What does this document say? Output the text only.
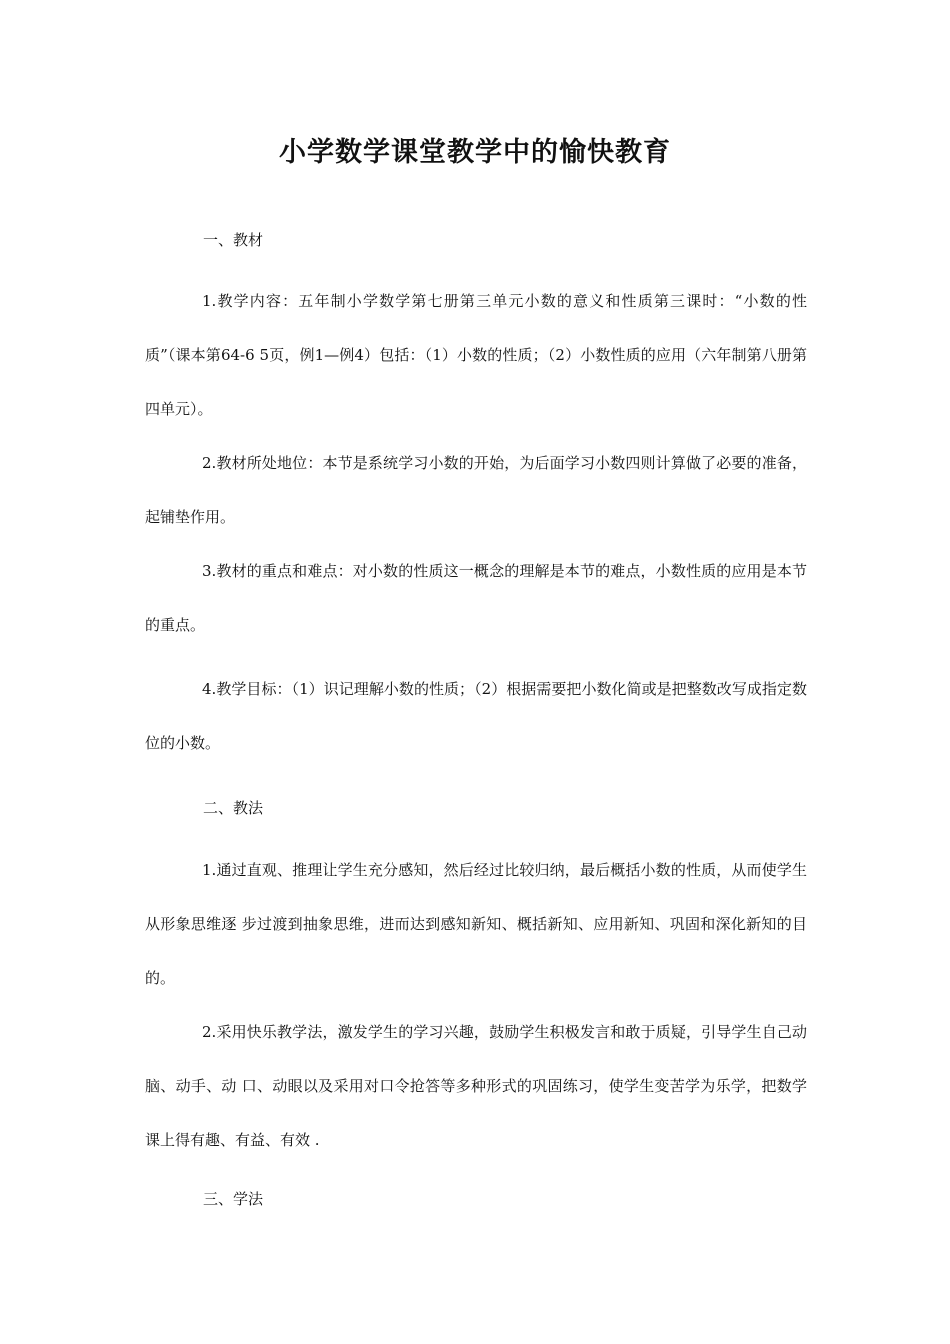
小学数学课堂教学中的愉快教育

一、教材

1.教学内容：五年制小学数学第七册第三单元小数的意义和性质第三课时：“小数的性质”（课本第64-6 5页，例1—例4）包括：（1）小数的性质；（2）小数性质的应用（六年制第八册第四单元）。

2.教材所处地位：本节是系统学习小数的开始，为后面学习小数四则计算做了必要的准备，起铺垫作用。

3.教材的重点和难点：对小数的性质这一概念的理解是本节的难点，小数性质的应用是本节的重点。

4.教学目标：（1）识记理解小数的性质；（2）根据需要把小数化简或是把整数改写成指定数位的小数。

二、教法

1.通过直观、推理让学生充分感知，然后经过比较归纳，最后概括小数的性质，从而使学生从形象思维逐 步过渡到抽象思维，进而达到感知新知、概括新知、应用新知、巩固和深化新知的目的。

2.采用快乐教学法，激发学生的学习兴趣，鼓励学生积极发言和敢于质疑，引导学生自己动脑、动手、动 口、动眼以及采用对口令抢答等多种形式的巩固练习，使学生变苦学为乐学，把数学课上得有趣、有益、有效 .

三、学法
